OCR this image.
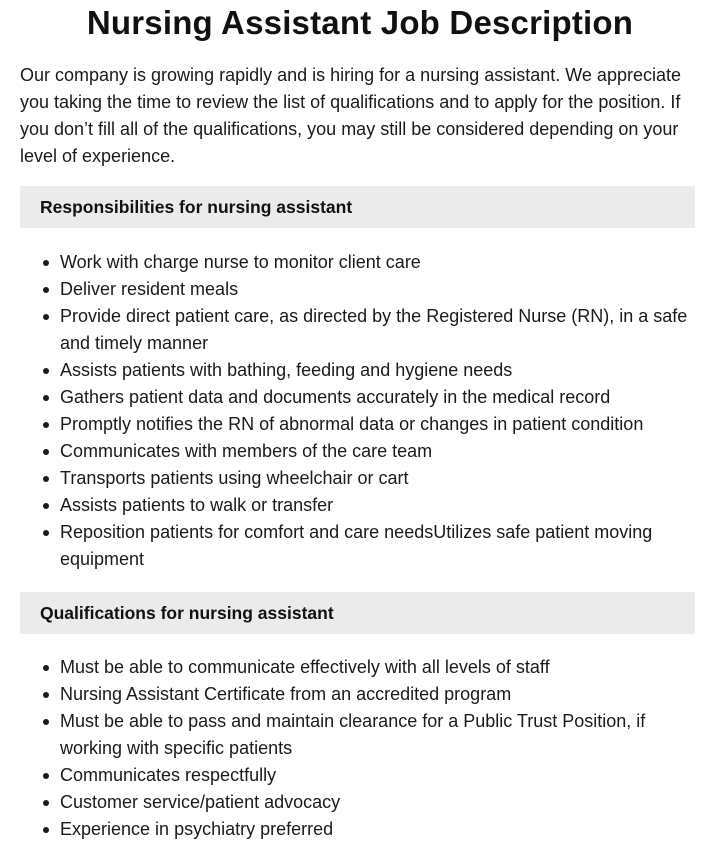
Nursing Assistant Job Description

Our company is growing rapidly and is hiring for a nursing assistant. We appreciate you taking the time to review the list of qualifications and to apply for the position. If you don’t fill all of the qualifications, you may still be considered depending on your level of experience.

Responsibilities for nursing assistant
Work with charge nurse to monitor client care
Deliver resident meals
Provide direct patient care, as directed by the Registered Nurse (RN), in a safe and timely manner
Assists patients with bathing, feeding and hygiene needs
Gathers patient data and documents accurately in the medical record
Promptly notifies the RN of abnormal data or changes in patient condition
Communicates with members of the care team
Transports patients using wheelchair or cart
Assists patients to walk or transfer
Reposition patients for comfort and care needsUtilizes safe patient moving equipment
Qualifications for nursing assistant
Must be able to communicate effectively with all levels of staff
Nursing Assistant Certificate from an accredited program
Must be able to pass and maintain clearance for a Public Trust Position, if working with specific patients
Communicates respectfully
Customer service/patient advocacy
Experience in psychiatry preferred
